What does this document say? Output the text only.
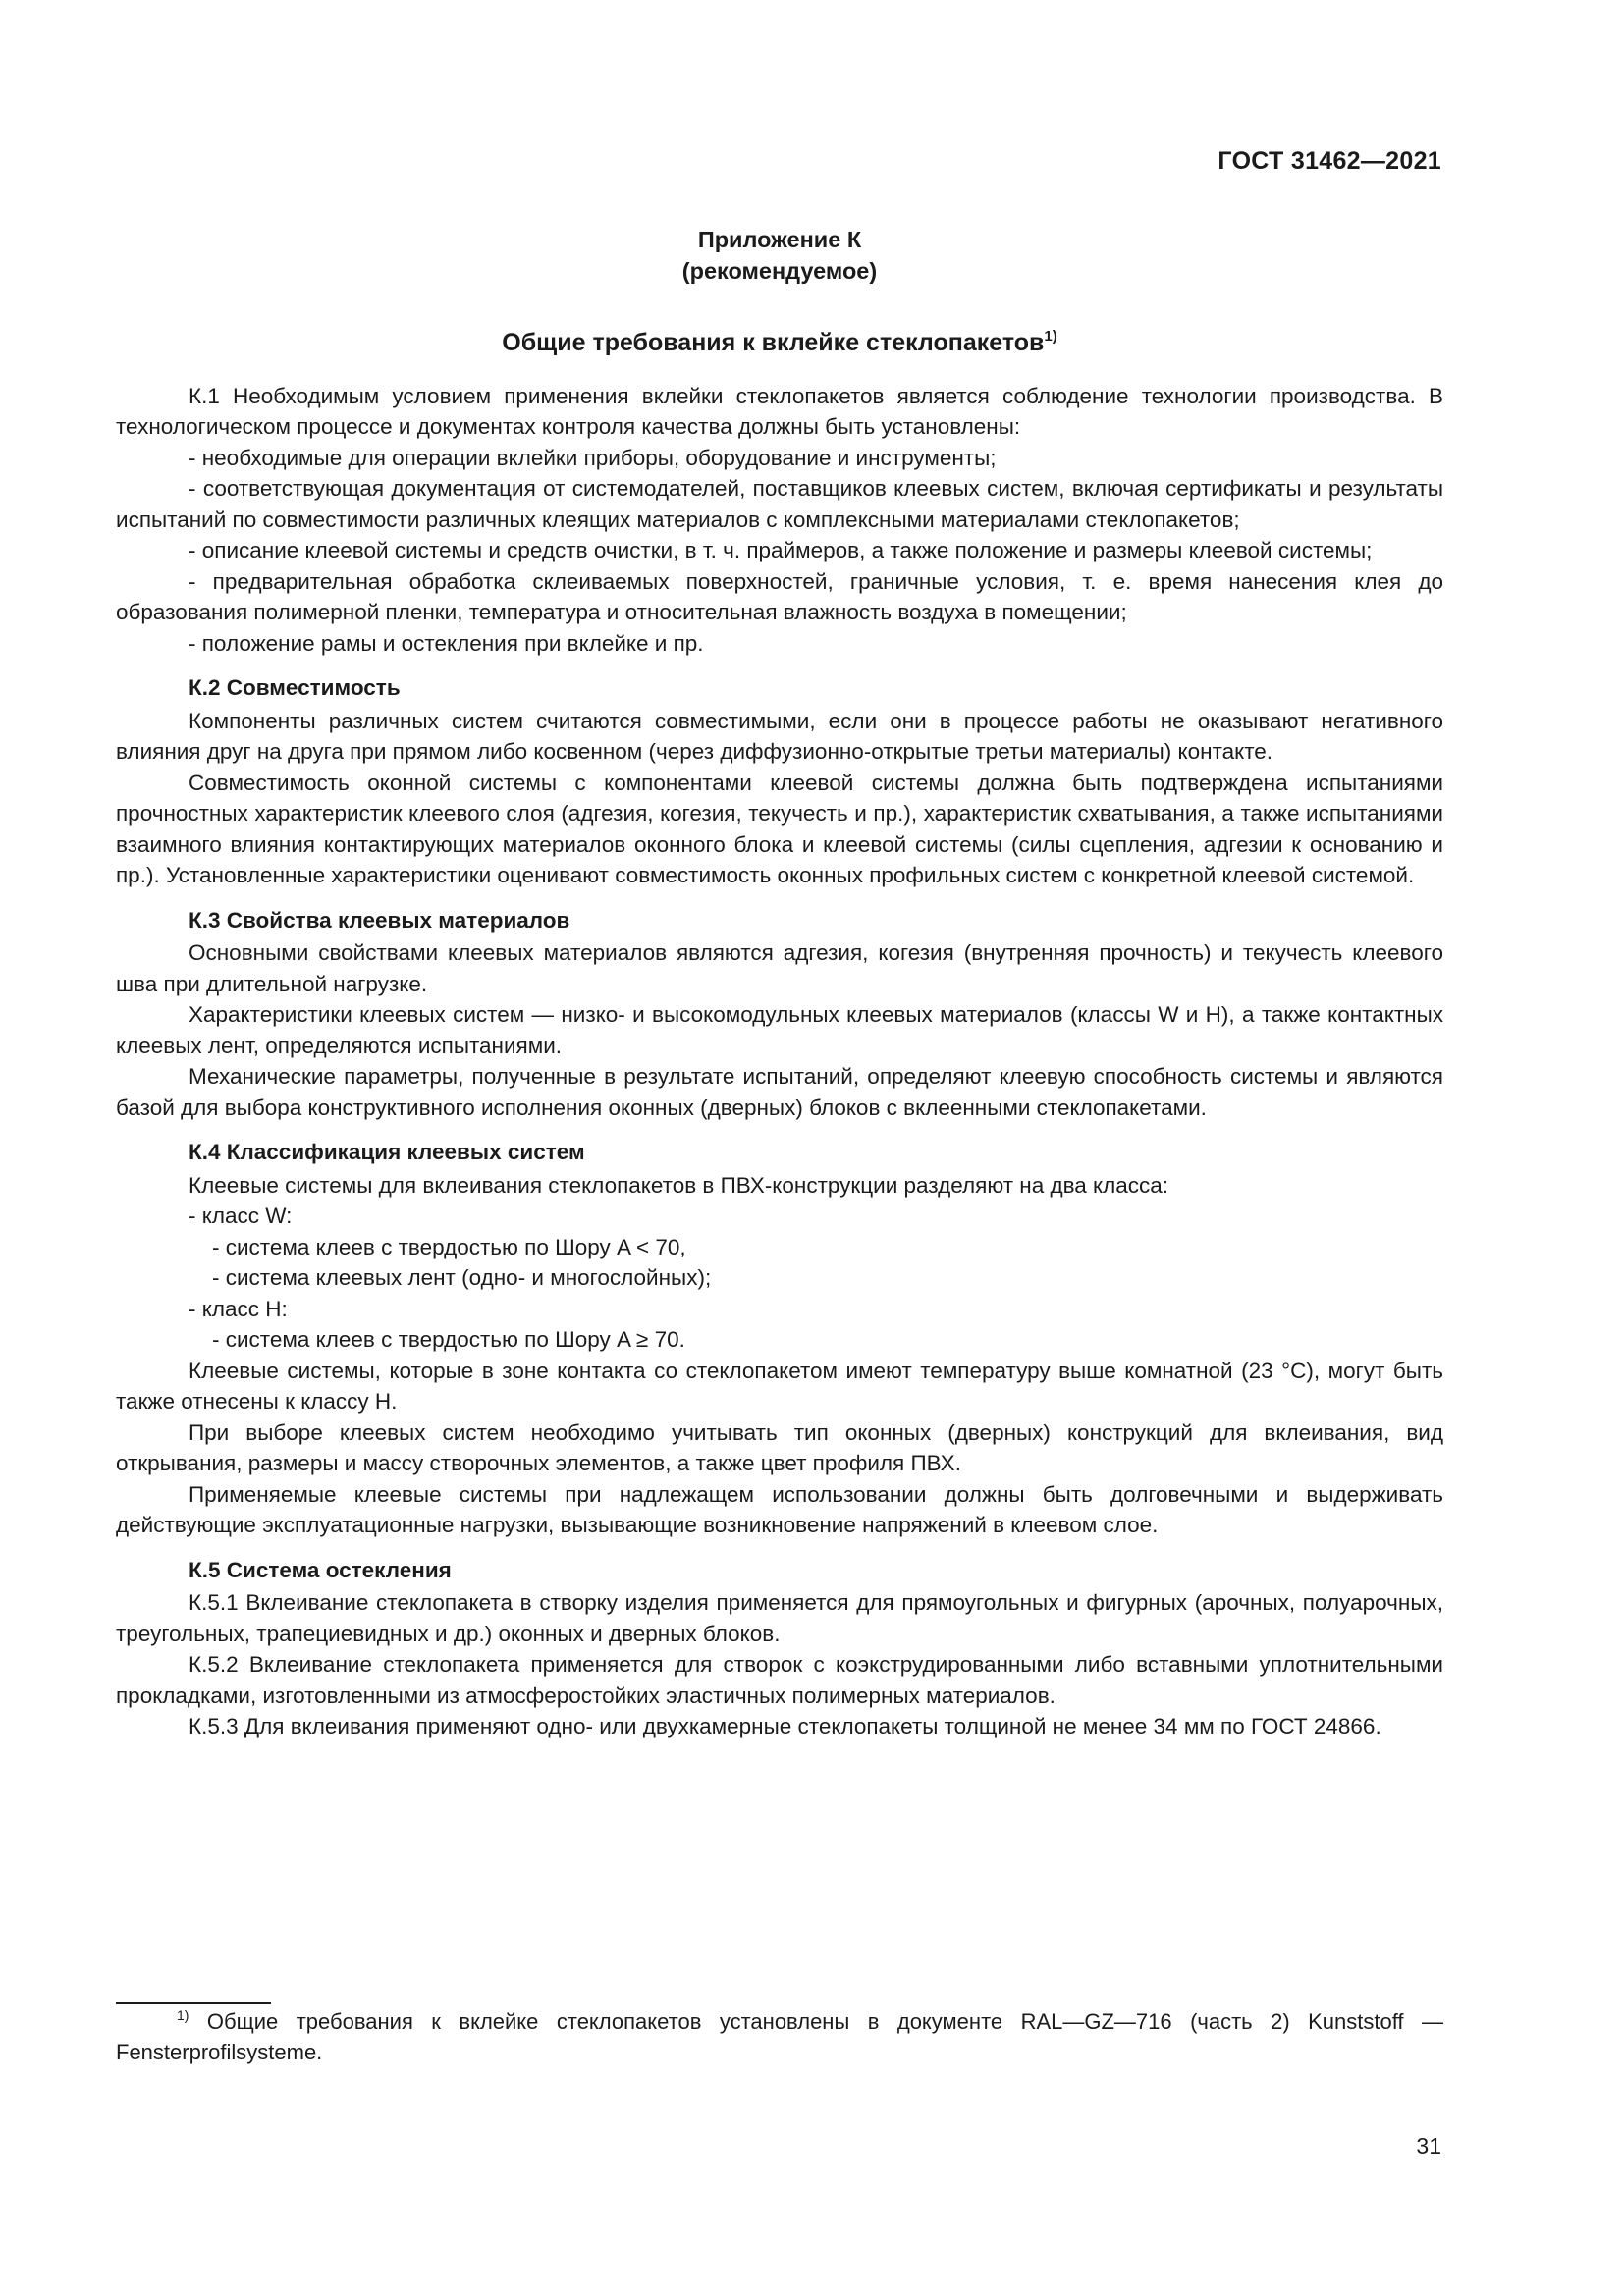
ГОСТ 31462—2021
Приложение К
(рекомендуемое)
Общие требования к вклейке стеклопакетов$^{1)}$

К.1 Необходимым условием применения вклейки стеклопакетов является соблюдение технологии производства. В технологическом процессе и документах контроля качества должны быть установлены:

- необходимые для операции вклейки приборы, оборудование и инструменты;

- соответствующая документация от системодателей, поставщиков клеевых систем, включая сертификаты и результаты испытаний по совместимости различных клеящих материалов с комплексными материалами стеклопакетов;

- описание клеевой системы и средств очистки, в т. ч. праймеров, а также положение и размеры клеевой системы;

- предварительная обработка склеиваемых поверхностей, граничные условия, т. е. время нанесения клея до образования полимерной пленки, температура и относительная влажность воздуха в помещении;

- положение рамы и остекления при вклейке и пр.

К.2 Совместимость

Компоненты различных систем считаются совместимыми, если они в процессе работы не оказывают негативного влияния друг на друга при прямом либо косвенном (через диффузионно-открытые третьи материалы) контакте.

Совместимость оконной системы с компонентами клеевой системы должна быть подтверждена испытаниями прочностных характеристик клеевого слоя (адгезия, когезия, текучесть и пр.), характеристик схватывания, а также испытаниями взаимного влияния контактирующих материалов оконного блока и клеевой системы (силы сцепления, адгезии к основанию и пр.). Установленные характеристики оценивают совместимость оконных профильных систем с конкретной клеевой системой.

К.3 Свойства клеевых материалов

Основными свойствами клеевых материалов являются адгезия, когезия (внутренняя прочность) и текучесть клеевого шва при длительной нагрузке.

Характеристики клеевых систем — низко- и высокомодульных клеевых материалов (классы W и H), а также контактных клеевых лент, определяются испытаниями.

Механические параметры, полученные в результате испытаний, определяют клеевую способность системы и являются базой для выбора конструктивного исполнения оконных (дверных) блоков с вклеенными стеклопакетами.

К.4 Классификация клеевых систем

Клеевые системы для вклеивания стеклопакетов в ПВХ-конструкции разделяют на два класса:

- класс W:

- система клеев с твердостью по Шору A < 70,

- система клеевых лент (одно- и многослойных);

- класс H:

- система клеев с твердостью по Шору A ≥ 70.

Клеевые системы, которые в зоне контакта со стеклопакетом имеют температуру выше комнатной (23 °C), могут быть также отнесены к классу H.

При выборе клеевых систем необходимо учитывать тип оконных (дверных) конструкций для вклеивания, вид открывания, размеры и массу створочных элементов, а также цвет профиля ПВХ.

Применяемые клеевые системы при надлежащем использовании должны быть долговечными и выдерживать действующие эксплуатационные нагрузки, вызывающие возникновение напряжений в клеевом слое.

К.5 Система остекления

К.5.1 Вклеивание стеклопакета в створку изделия применяется для прямоугольных и фигурных (арочных, полуарочных, треугольных, трапециевидных и др.) оконных и дверных блоков.

К.5.2 Вклеивание стеклопакета применяется для створок с коэкструдированными либо вставными уплотнительными прокладками, изготовленными из атмосферостойких эластичных полимерных материалов.

К.5.3 Для вклеивания применяют одно- или двухкамерные стеклопакеты толщиной не менее 34 мм по ГОСТ 24866.

$^{1)}$ Общие требования к вклейке стеклопакетов установлены в документе RAL—GZ—716 (часть 2) Kunststoff — Fensterprofilsysteme.

31
